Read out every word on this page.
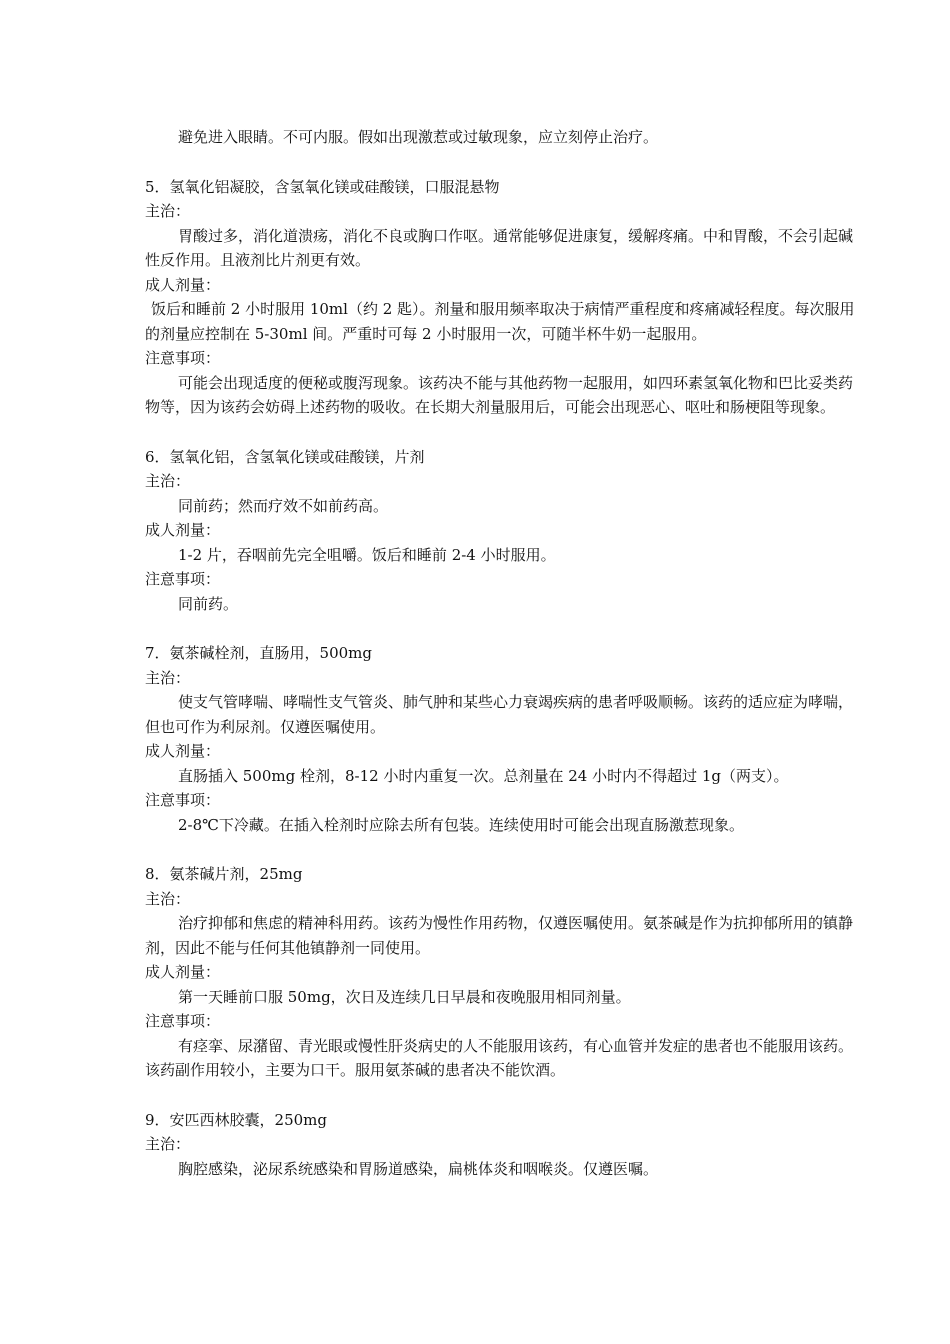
避免进入眼睛。不可内服。假如出现激惹或过敏现象，应立刻停止治疗。

5．氢氧化铝凝胶，含氢氧化镁或硅酸镁，口服混悬物

主治：

胃酸过多，消化道溃疡，消化不良或胸口作呕。通常能够促进康复，缓解疼痛。中和胃酸，不会引起碱性反作用。且液剂比片剂更有效。

成人剂量：

饭后和睡前 2 小时服用 10ml（约 2 匙）。剂量和服用频率取决于病情严重程度和疼痛减轻程度。每次服用的剂量应控制在 5-30ml 间。严重时可每 2 小时服用一次，可随半杯牛奶一起服用。

注意事项：

可能会出现适度的便秘或腹泻现象。该药决不能与其他药物一起服用，如四环素氢氧化物和巴比妥类药物等，因为该药会妨碍上述药物的吸收。在长期大剂量服用后，可能会出现恶心、呕吐和肠梗阻等现象。

6．氢氧化铝，含氢氧化镁或硅酸镁，片剂

主治：

同前药；然而疗效不如前药高。

成人剂量：

1-2 片，吞咽前先完全咀嚼。饭后和睡前 2-4 小时服用。

注意事项：

同前药。

7．氨茶碱栓剂，直肠用，500mg

主治：

使支气管哮喘、哮喘性支气管炎、肺气肿和某些心力衰竭疾病的患者呼吸顺畅。该药的适应症为哮喘，但也可作为利尿剂。仅遵医嘱使用。

成人剂量：

直肠插入 500mg 栓剂，8-12 小时内重复一次。总剂量在 24 小时内不得超过 1g（两支）。

注意事项：

2-8℃下冷藏。在插入栓剂时应除去所有包装。连续使用时可能会出现直肠激惹现象。

8．氨茶碱片剂，25mg

主治：

治疗抑郁和焦虑的精神科用药。该药为慢性作用药物，仅遵医嘱使用。氨茶碱是作为抗抑郁所用的镇静剂，因此不能与任何其他镇静剂一同使用。

成人剂量：

第一天睡前口服 50mg，次日及连续几日早晨和夜晚服用相同剂量。

注意事项：

有痉挛、尿潴留、青光眼或慢性肝炎病史的人不能服用该药，有心血管并发症的患者也不能服用该药。该药副作用较小，主要为口干。服用氨茶碱的患者决不能饮酒。

9．安匹西林胶囊，250mg

主治：

胸腔感染，泌尿系统感染和胃肠道感染，扁桃体炎和咽喉炎。仅遵医嘱。
